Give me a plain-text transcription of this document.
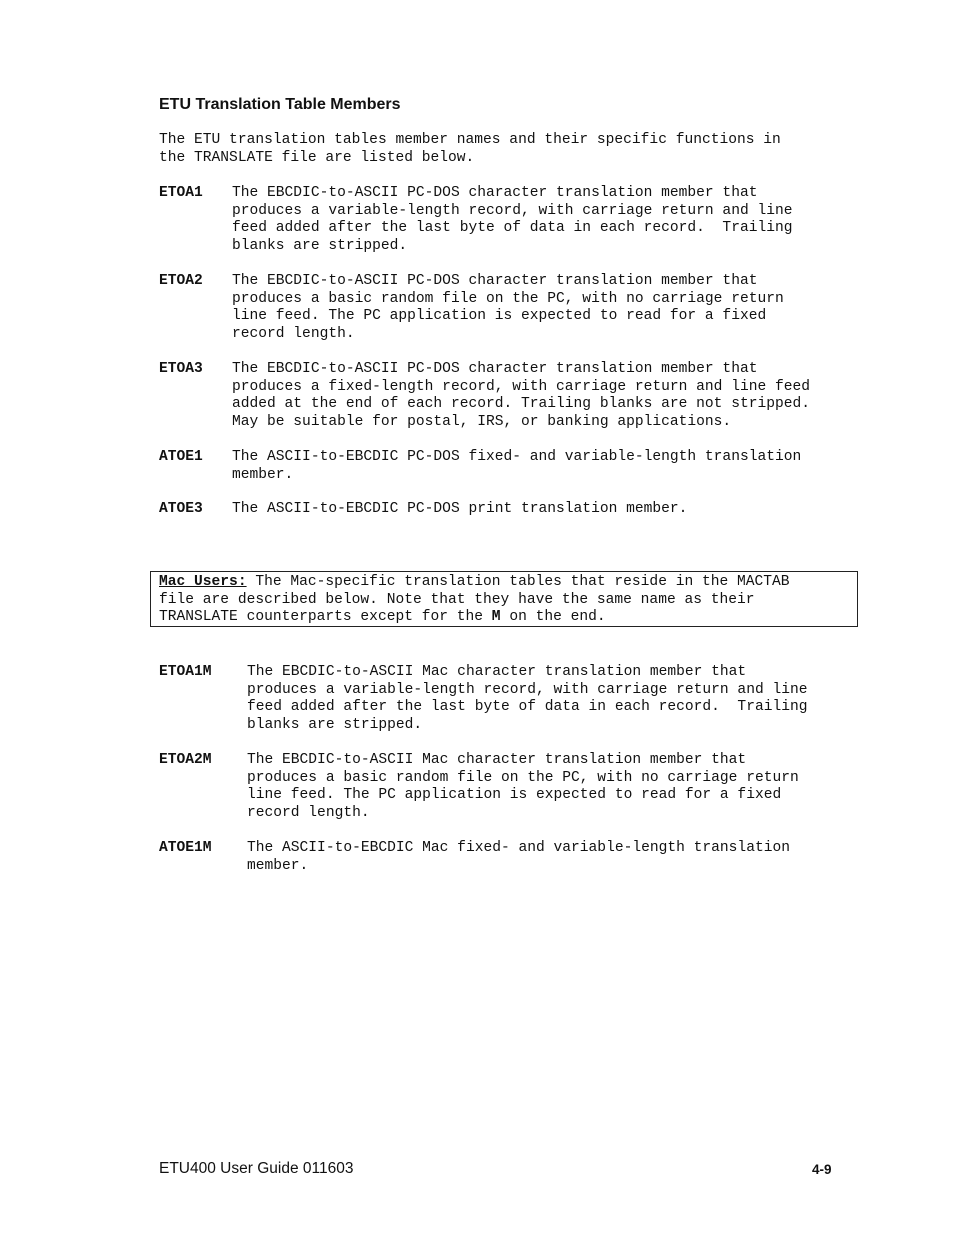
ETU Translation Table Members

The ETU translation tables member names and their specific functions in
the TRANSLATE file are listed below.

ETOA1 The EBCDIC-to-ASCII PC-DOS character translation member that
produces a variable-length record, with carriage return and line
feed added after the last byte of data in each record.  Trailing
blanks are stripped.

ETOA2 The EBCDIC-to-ASCII PC-DOS character translation member that
produces a basic random file on the PC, with no carriage return
line feed. The PC application is expected to read for a fixed
record length.

ETOA3 The EBCDIC-to-ASCII PC-DOS character translation member that
produces a fixed-length record, with carriage return and line feed
added at the end of each record. Trailing blanks are not stripped.
May be suitable for postal, IRS, or banking applications.

ATOE1 The ASCII-to-EBCDIC PC-DOS fixed- and variable-length translation
member.

ATOE3 The ASCII-to-EBCDIC PC-DOS print translation member.

Mac Users: The Mac-specific translation tables that reside in the MACTAB
file are described below. Note that they have the same name as their
TRANSLATE counterparts except for the M on the end.

ETOA1M The EBCDIC-to-ASCII Mac character translation member that
produces a variable-length record, with carriage return and line
feed added after the last byte of data in each record.  Trailing
blanks are stripped.

ETOA2M The EBCDIC-to-ASCII Mac character translation member that
produces a basic random file on the PC, with no carriage return
line feed. The PC application is expected to read for a fixed
record length.

ATOE1M The ASCII-to-EBCDIC Mac fixed- and variable-length translation
member.

ETU400 User Guide 011603	4-9
